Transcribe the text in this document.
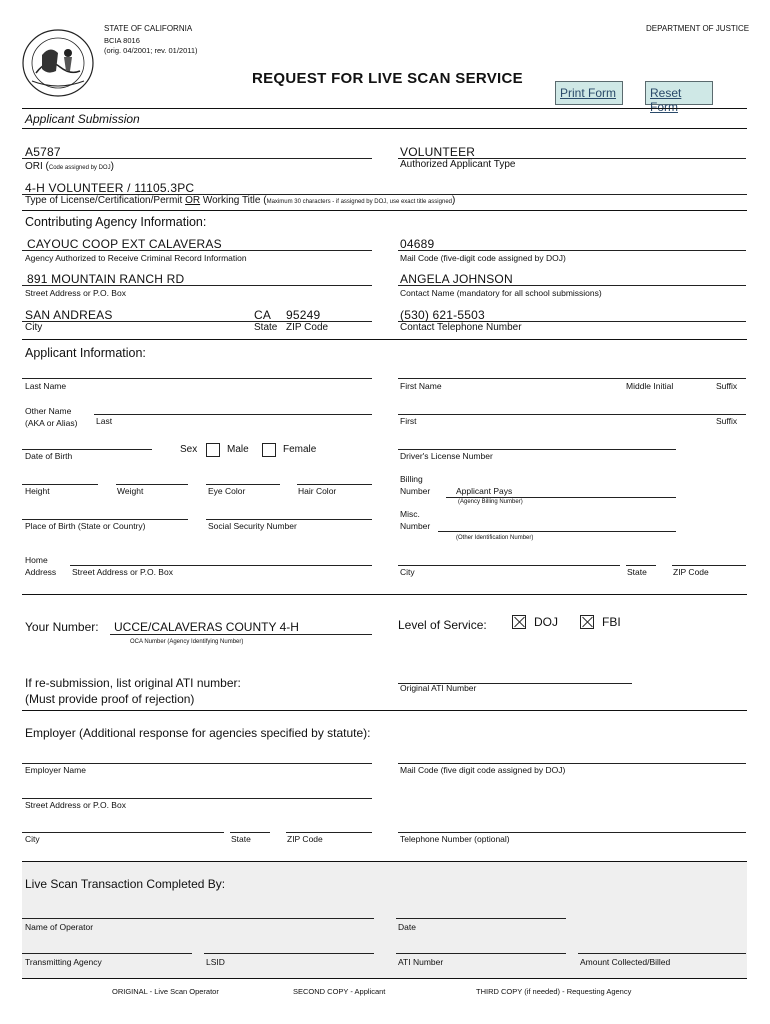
STATE OF CALIFORNIA
BCIA 8016
(orig. 04/2001; rev. 01/2011)
DEPARTMENT OF JUSTICE
REQUEST FOR LIVE SCAN SERVICE
Print Form	Reset Form
Applicant Submission
A5787
ORI (Code assigned by DOJ)
VOLUNTEER
Authorized Applicant Type
4-H VOLUNTEER / 11105.3PC
Type of License/Certification/Permit OR Working Title (Maximum 30 characters - if assigned by DOJ, use exact title assigned)
Contributing Agency Information:
CAYOUC COOP EXT CALAVERAS
Agency Authorized to Receive Criminal Record Information
04689
Mail Code (five-digit code assigned by DOJ)
891 MOUNTAIN RANCH RD
Street Address or P.O. Box
ANGELA JOHNSON
Contact Name (mandatory for all school submissions)
SAN ANDREAS	CA 95249
City	State ZIP Code
(530) 621-5503
Contact Telephone Number
Applicant Information:
Last Name	First Name	Middle Initial	Suffix
Other Name
(AKA or Alias) Last	First	Suffix
Date of Birth
Sex	Male	Female
Driver's License Number
Height	Weight	Eye Color	Hair Color
Billing
Number	Applicant Pays
(Agency Billing Number)
Place of Birth (State or Country)	Social Security Number
Misc.
Number
(Other Identification Number)
Home
Address Street Address or P.O. Box	City	State	ZIP Code
Your Number: UCCE/CALAVERAS COUNTY 4-H
OCA Number (Agency Identifying Number)
Level of Service:	DOJ	FBI
If re-submission, list original ATI number:
(Must provide proof of rejection)
Original ATI Number
Employer (Additional response for agencies specified by statute):
Employer Name	Mail Code (five digit code assigned by DOJ)
Street Address or P.O. Box
City	State	ZIP Code	Telephone Number (optional)
Live Scan Transaction Completed By:
Name of Operator	Date
Transmitting Agency	LSID	ATI Number	Amount Collected/Billed
ORIGINAL - Live Scan Operator	SECOND COPY - Applicant	THIRD COPY (if needed) - Requesting Agency
